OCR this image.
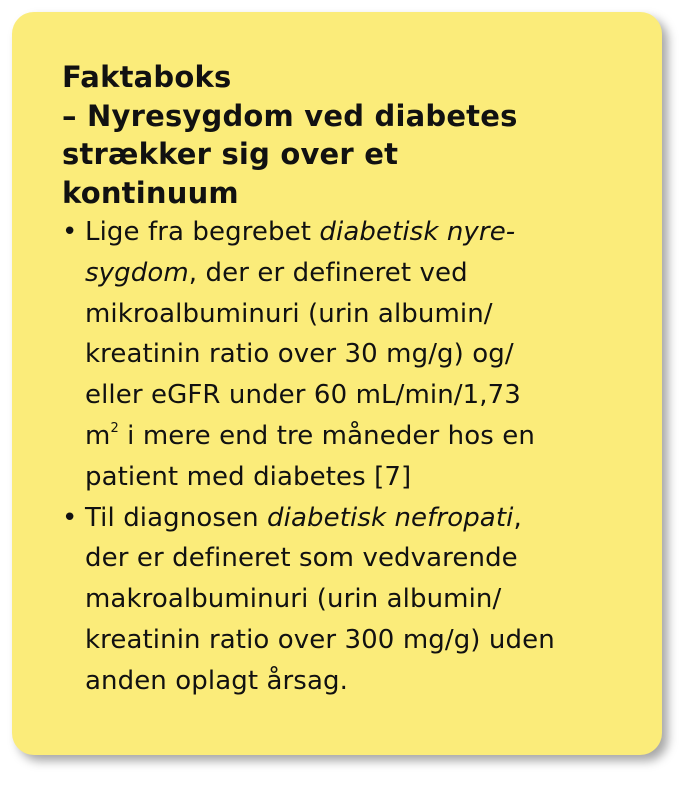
Faktaboks
– Nyresygdom ved diabetes
strækker sig over et
kontinuum
• Lige fra begrebet diabetisk nyre-
sygdom, der er defineret ved
mikroalbuminuri (urin albumin/
kreatinin ratio over 30 mg/g) og/
eller eGFR under 60 mL/min/1,73
$m^2$ i mere end tre måneder hos en
patient med diabetes [7]
• Til diagnosen diabetisk nefropati,
der er defineret som vedvarende
makroalbuminuri (urin albumin/
kreatinin ratio over 300 mg/g) uden
anden oplagt årsag.
